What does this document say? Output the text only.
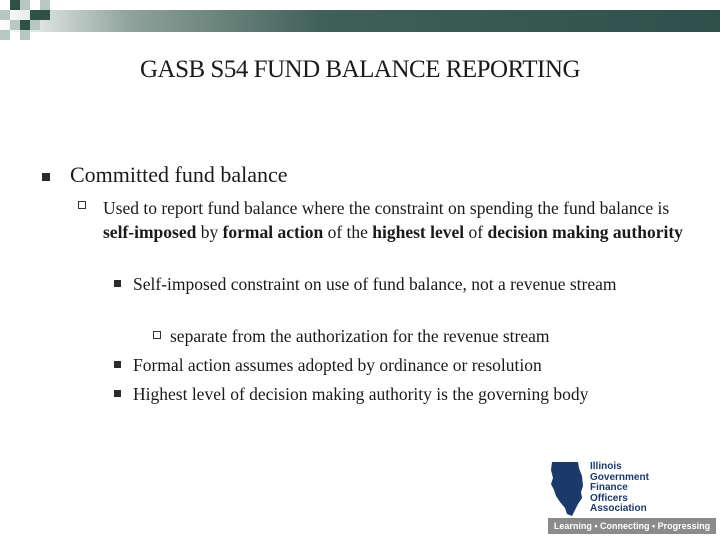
GASB S54 FUND BALANCE REPORTING
Committed fund balance
Used to report fund balance where the constraint on spending the fund balance is self-imposed by formal action of the highest level of decision making authority
Self-imposed constraint on use of fund balance, not a revenue stream
separate from the authorization for the revenue stream
Formal action assumes adopted by ordinance or resolution
Highest level of decision making authority is the governing body
Illinois
Government
Finance
Officers
Association
Learning • Connecting • Progressing
